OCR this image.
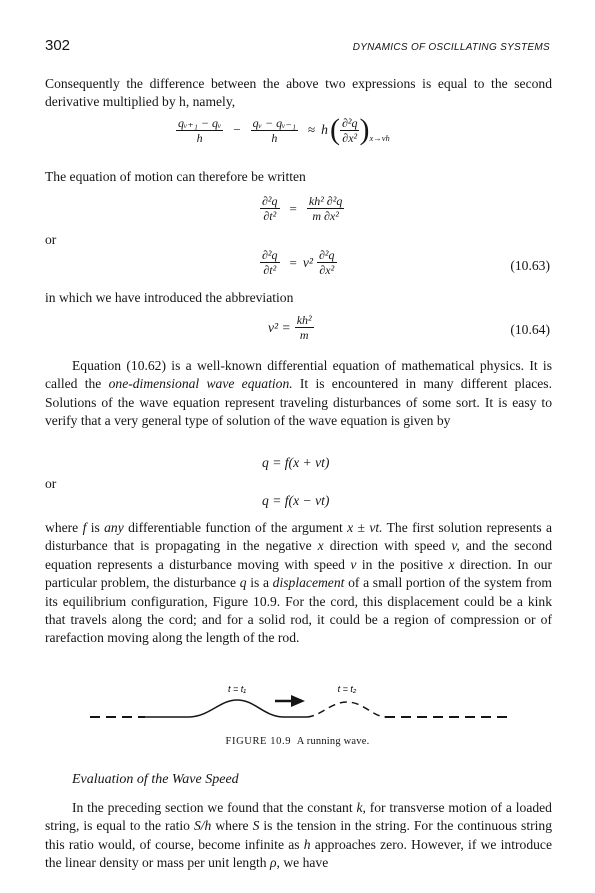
302	DYNAMICS OF OSCILLATING SYSTEMS

Consequently the difference between the above two expressions is equal to the second derivative multiplied by h, namely,

$\frac{\text{qᵥ₊₁ − qᵥ}}{h} - \frac{\text{qᵥ − qᵥ₋₁}}{h} \approx h$ ( $\frac{\text{∂²q}}{\text{∂x²}}$ ) x→νh

The equation of motion can therefore be written

$\frac{\text{∂²q}}{\text{∂t²}} = \frac{\text{kh² ∂²q}}{\text{m ∂x²}}$
or
$\frac{\text{∂²q}}{\text{∂t²}} = v^2 \frac{\text{∂²q}}{\text{∂x²}}$	(10.63)

in which we have introduced the abbreviation

$v^2 = \frac{\text{kh²}}{m}$	(10.64)

Equation (10.62) is a well-known differential equation of mathematical physics. It is called the one-dimensional wave equation. It is encountered in many different places. Solutions of the wave equation represent traveling disturbances of some sort. It is easy to verify that a very general type of solution of the wave equation is given by

q = f(x + vt)
or
q = f(x − vt)

where f is any differentiable function of the argument x ± vt. The first solution represents a disturbance that is propagating in the negative x direction with speed v, and the second equation represents a disturbance moving with speed v in the positive x direction. In our particular problem, the disturbance q is a displacement of a small portion of the system from its equilibrium configuration, Figure 10.9. For the cord, this displacement could be a kink that travels along the cord; and for a solid rod, it could be a region of compression or of rarefaction moving along the length of the rod.

t = t₁	t = t₂
FIGURE 10.9 A running wave.

Evaluation of the Wave Speed

In the preceding section we found that the constant k, for transverse motion of a loaded string, is equal to the ratio S/h where S is the tension in the string. For the continuous string this ratio would, of course, become infinite as h approaches zero. However, if we introduce the linear density or mass per unit length ρ, we have
